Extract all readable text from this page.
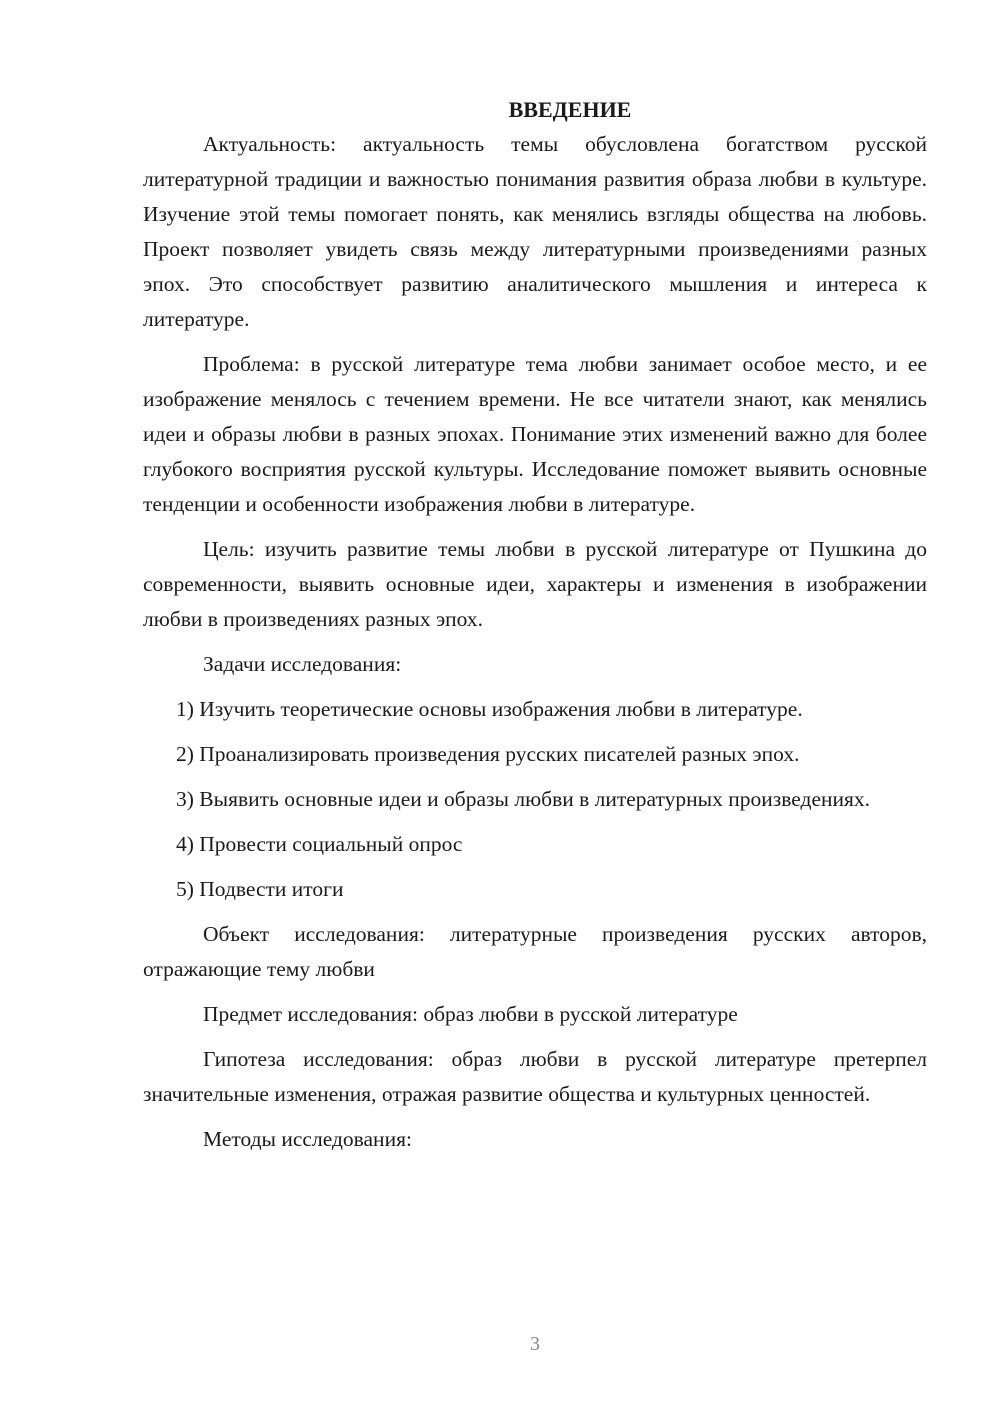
ВВЕДЕНИЕ

Актуальность: актуальность темы обусловлена богатством русской литературной традиции и важностью понимания развития образа любви в культуре. Изучение этой темы помогает понять, как менялись взгляды общества на любовь. Проект позволяет увидеть связь между литературными произведениями разных эпох. Это способствует развитию аналитического мышления и интереса к литературе.

Проблема: в русской литературе тема любви занимает особое место, и ее изображение менялось с течением времени. Не все читатели знают, как менялись идеи и образы любви в разных эпохах. Понимание этих изменений важно для более глубокого восприятия русской культуры. Исследование поможет выявить основные тенденции и особенности изображения любви в литературе.

Цель: изучить развитие темы любви в русской литературе от Пушкина до современности, выявить основные идеи, характеры и изменения в изображении любви в произведениях разных эпох.

Задачи исследования:

1) Изучить теоретические основы изображения любви в литературе.

2) Проанализировать произведения русских писателей разных эпох.

3) Выявить основные идеи и образы любви в литературных произведениях.

4) Провести социальный опрос

5) Подвести итоги

Объект исследования: литературные произведения русских авторов, отражающие тему любви

Предмет исследования: образ любви в русской литературе

Гипотеза исследования: образ любви в русской литературе претерпел значительные изменения, отражая развитие общества и культурных ценностей.

Методы исследования:

3
